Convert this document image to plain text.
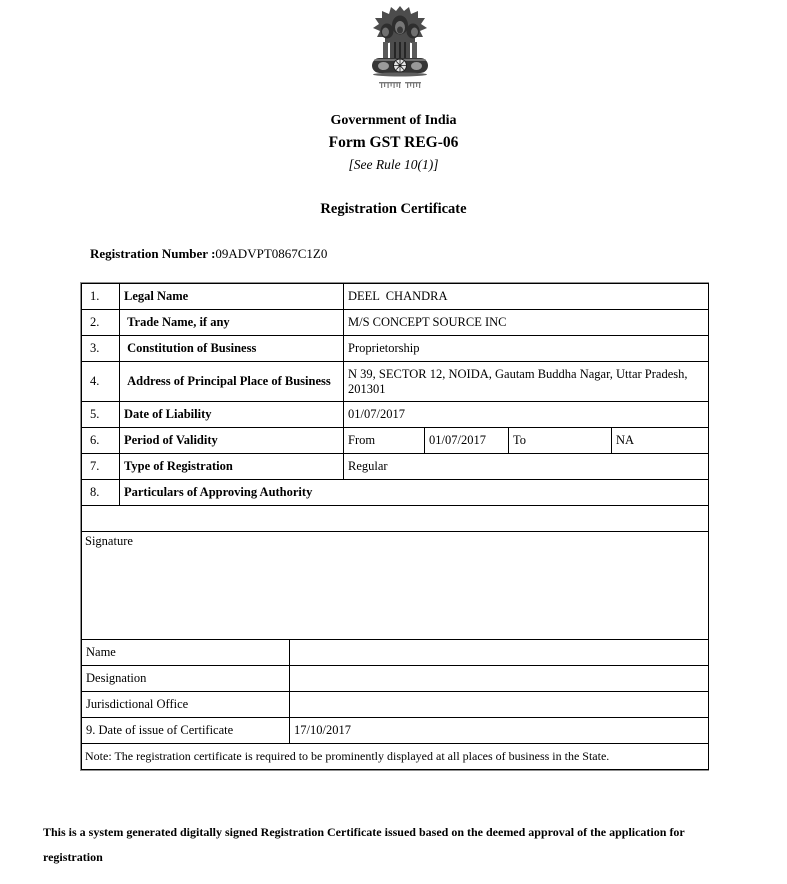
Government of India
Form GST REG-06
[See Rule 10(1)]
Registration Certificate
Registration Number :09ADVPT0867C1Z0
1.	Legal Name	DEEL  CHANDRA			
2.	Trade Name, if any	M/S CONCEPT SOURCE INC			
3.	Constitution of Business	Proprietorship			
4.	Address of Principal Place of Business	N 39, SECTOR 12, NOIDA, Gautam Buddha Nagar, Uttar Pradesh, 201301			
5.	Date of Liability	01/07/2017			
6.	Period of Validity	From	01/07/2017	To	NA
7.	Type of Registration	Regular			
8.	Particulars of Approving Authority				

Signature					
Name	
Designation	
Jurisdictional Office	
9. Date of issue of Certificate	17/10/2017
Note: The registration certificate is required to be prominently displayed at all places of business in the State.	
This is a system generated digitally signed Registration Certificate issued based on the deemed approval of the application for registration
